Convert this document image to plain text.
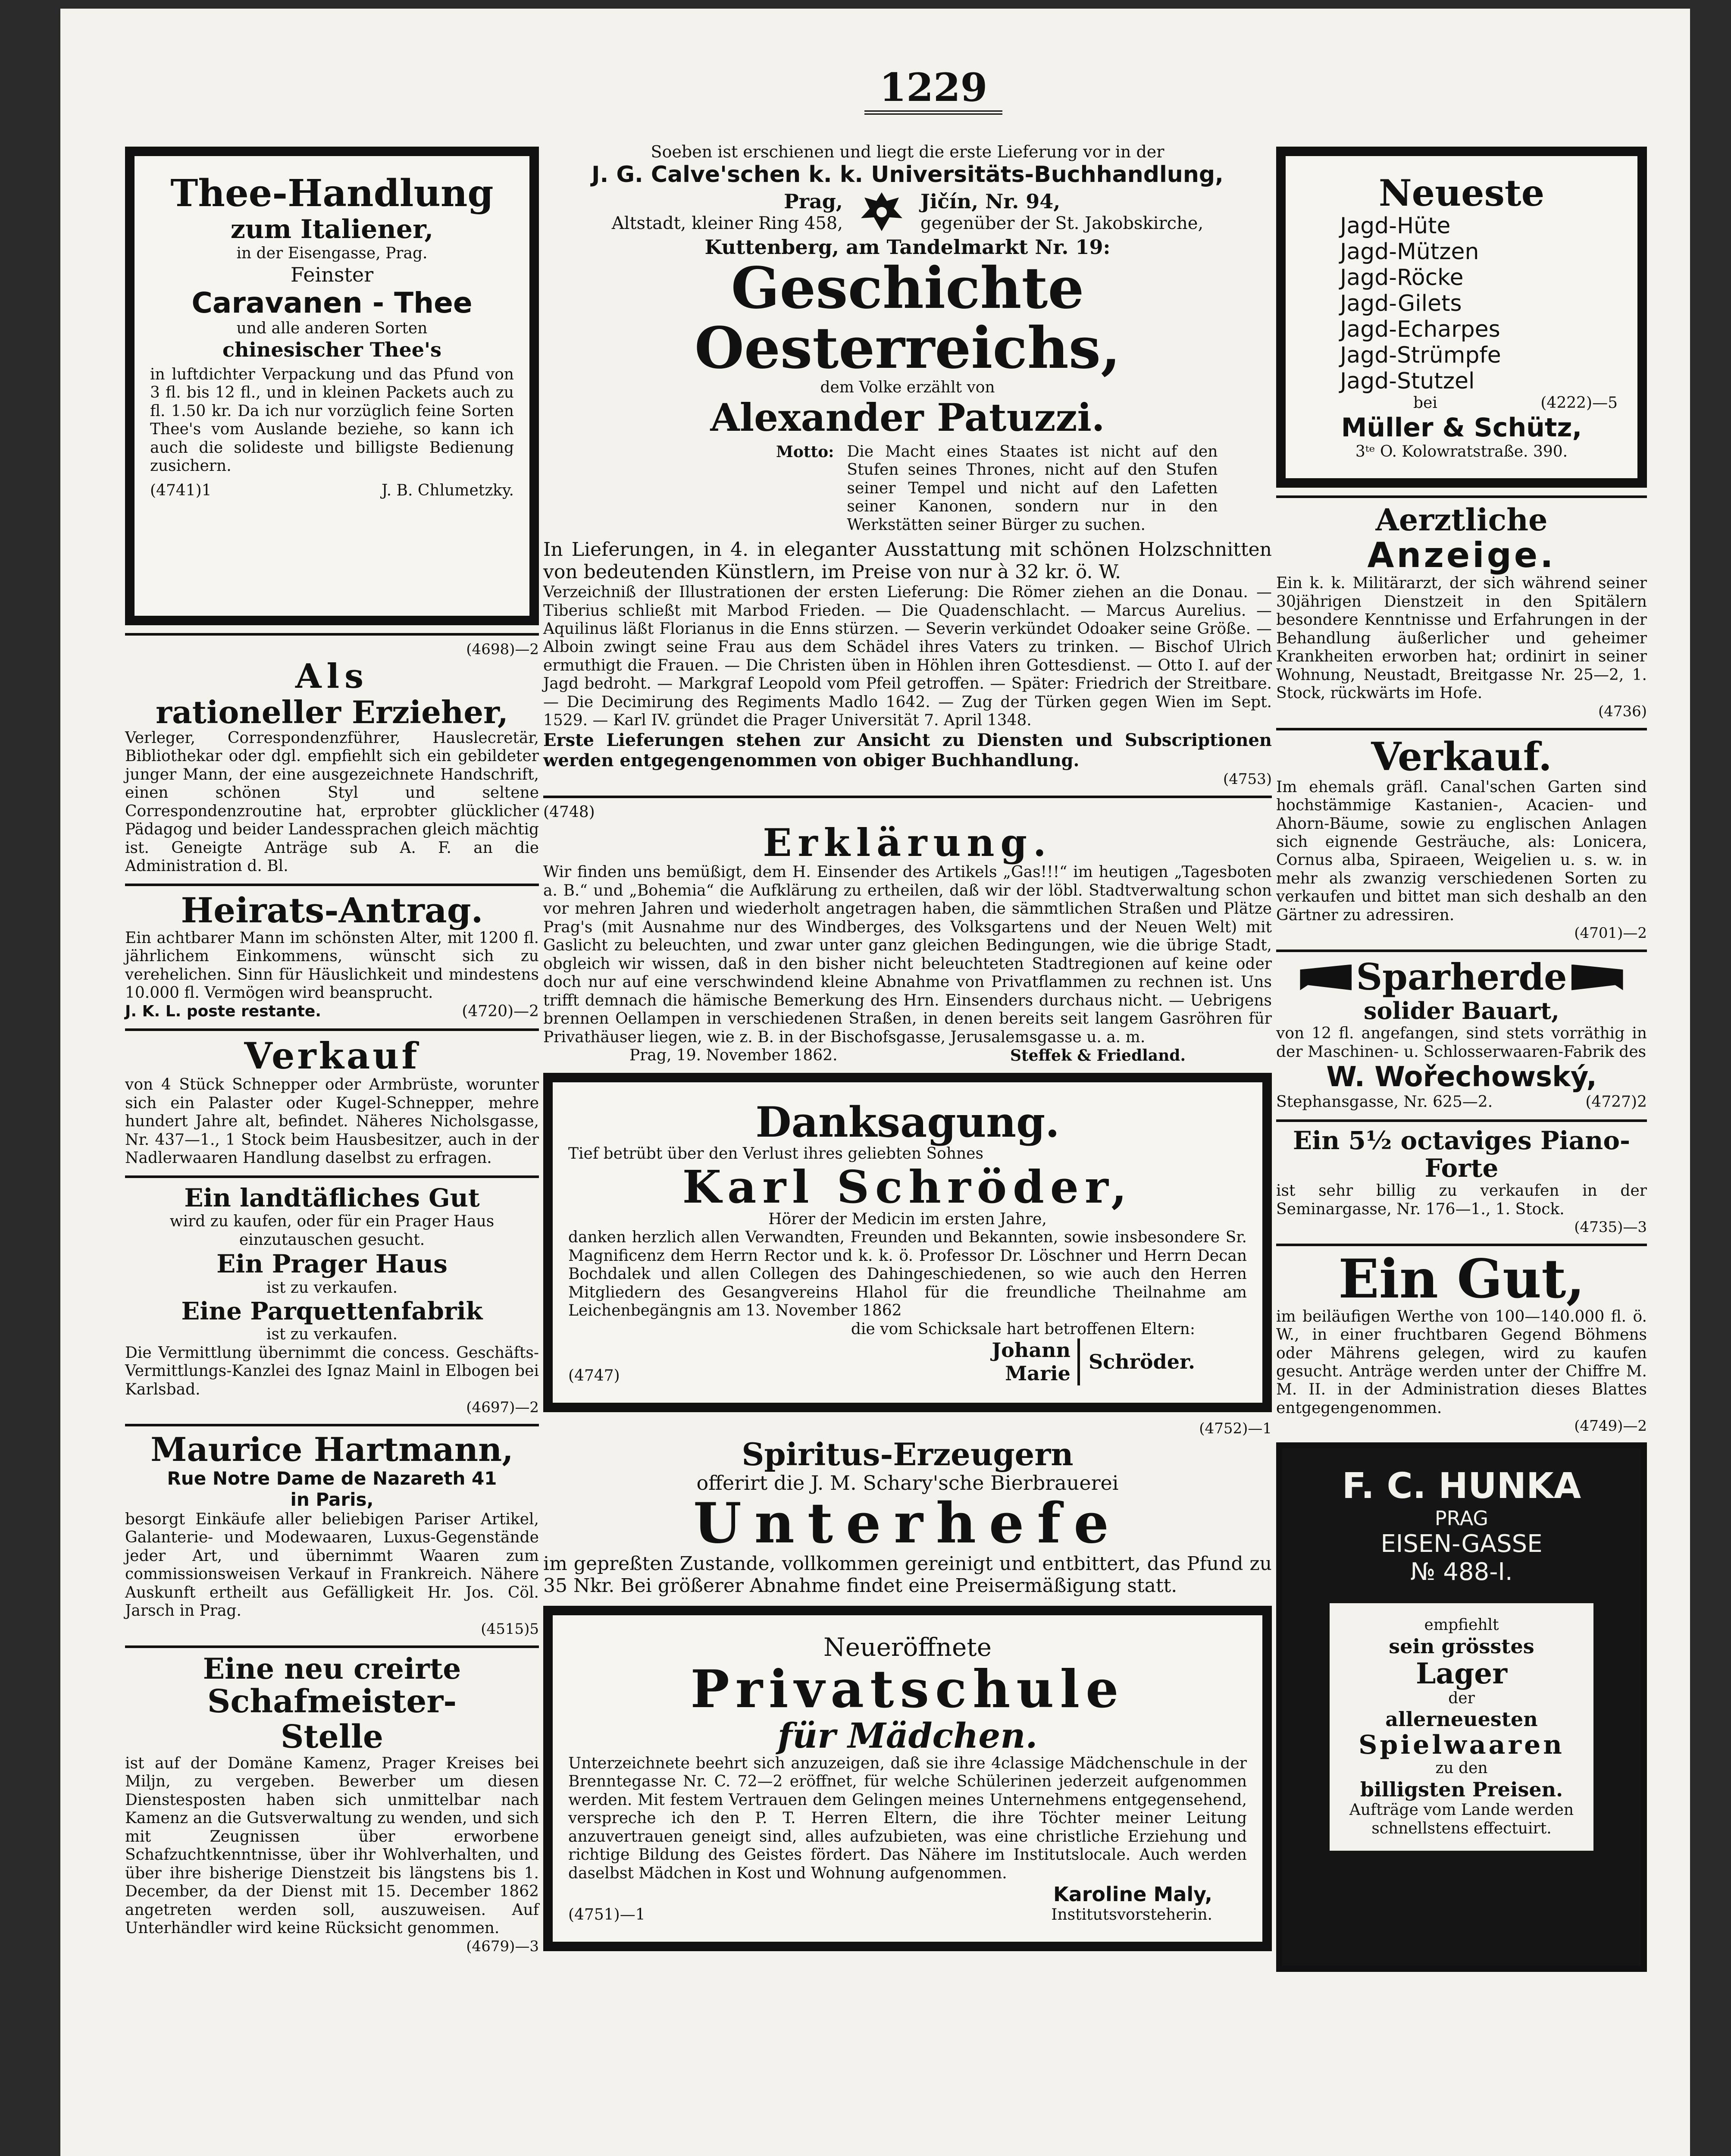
1229
Thee-Handlung
zum Italiener,
in der Eisengasse, Prag.
Feinster
Caravanen - Thee
und alle anderen Sorten
chinesischer Thee's
in luftdichter Verpackung und das Pfund von 3 fl. bis 12 fl., und in kleinen Packets auch zu fl. 1.50 kr. Da ich nur vorzüglich feine Sorten Thee's vom Auslande beziehe, so kann ich auch die solideste und billigste Bedienung zusichern.
(4741)1	J. B. Chlumetzky.
(4698)—2
Als
rationeller Erzieher,
Verleger, Correspondenzführer, Hauslecretär, Bibliothekar oder dgl. empfiehlt sich ein gebildeter junger Mann, der eine ausgezeichnete Handschrift, einen schönen Styl und seltene Correspondenzroutine hat, erprobter glücklicher Pädagog und beider Landessprachen gleich mächtig ist. Geneigte Anträge sub A. F. an die Administration d. Bl.
Heirats-Antrag.
Ein achtbarer Mann im schönsten Alter, mit 1200 fl. jährlichem Einkommens, wünscht sich zu verehelichen. Sinn für Häuslichkeit und mindestens 10.000 fl. Vermögen wird beansprucht.
J. K. L. poste restante.	(4720)—2
Verkauf
von 4 Stück Schnepper oder Armbrüste, worunter sich ein Palaster oder Kugel-Schnepper, mehre hundert Jahre alt, befindet. Näheres Nicholsgasse, Nr. 437—1., 1 Stock beim Hausbesitzer, auch in der Nadlerwaaren Handlung daselbst zu erfragen.
Ein landtäfliches Gut
wird zu kaufen, oder für ein Prager Haus einzutauschen gesucht.
Ein Prager Haus
ist zu verkaufen.
Eine Parquettenfabrik
ist zu verkaufen.
Die Vermittlung übernimmt die concess. Geschäfts-Vermittlungs-Kanzlei des Ignaz Mainl in Elbogen bei Karlsbad.
(4697)—2
Maurice Hartmann,
Rue Notre Dame de Nazareth 41
in Paris,
besorgt Einkäufe aller beliebigen Pariser Artikel, Galanterie- und Modewaaren, Luxus-Gegenstände jeder Art, und übernimmt Waaren zum commissionsweisen Verkauf in Frankreich. Nähere Auskunft ertheilt aus Gefälligkeit Hr. Jos. Cöl. Jarsch in Prag.
(4515)5
Eine neu creirte
Schafmeister-
Stelle
ist auf der Domäne Kamenz, Prager Kreises bei Miljn, zu vergeben. Bewerber um diesen Dienstesposten haben sich unmittelbar nach Kamenz an die Gutsverwaltung zu wenden, und sich mit Zeugnissen über erworbene Schafzuchtkenntnisse, über ihr Wohlverhalten, und über ihre bisherige Dienstzeit bis längstens bis 1. December, da der Dienst mit 15. December 1862 angetreten werden soll, auszuweisen. Auf Unterhändler wird keine Rücksicht genommen.
(4679)—3
Soeben ist erschienen und liegt die erste Lieferung vor in der
J. G. Calve'schen k. k. Universitäts-Buchhandlung,
Prag,
Altstadt, kleiner Ring 458,
Jičín, Nr. 94,
gegenüber der St. Jakobskirche,
Kuttenberg, am Tandelmarkt Nr. 19:
Geschichte Oesterreichs,
dem Volke erzählt von
Alexander Patuzzi.
Motto: Die Macht eines Staates ist nicht auf den Stufen seines Thrones, nicht auf den Stufen seiner Tempel und nicht auf den Lafetten seiner Kanonen, sondern nur in den Werkstätten seiner Bürger zu suchen.
In Lieferungen, in 4. in eleganter Ausstattung mit schönen Holzschnitten von bedeutenden Künstlern, im Preise von nur à 32 kr. ö. W.
Verzeichniß der Illustrationen der ersten Lieferung: Die Römer ziehen an die Donau. — Tiberius schließt mit Marbod Frieden. — Die Quadenschlacht. — Marcus Aurelius. — Aquilinus läßt Florianus in die Enns stürzen. — Severin verkündet Odoaker seine Größe. — Alboin zwingt seine Frau aus dem Schädel ihres Vaters zu trinken. — Bischof Ulrich ermuthigt die Frauen. — Die Christen üben in Höhlen ihren Gottesdienst. — Otto I. auf der Jagd bedroht. — Markgraf Leopold vom Pfeil getroffen. — Später: Friedrich der Streitbare. — Die Decimirung des Regiments Madlo 1642. — Zug der Türken gegen Wien im Sept. 1529. — Karl IV. gründet die Prager Universität 7. April 1348.
Erste Lieferungen stehen zur Ansicht zu Diensten und Subscriptionen werden entgegengenommen von obiger Buchhandlung.
(4753)
(4748)
Erklärung.
Wir finden uns bemüßigt, dem H. Einsender des Artikels „Gas!!!“ im heutigen „Tagesboten a. B.“ und „Bohemia“ die Aufklärung zu ertheilen, daß wir der löbl. Stadtverwaltung schon vor mehren Jahren und wiederholt angetragen haben, die sämmtlichen Straßen und Plätze Prag's (mit Ausnahme nur des Windberges, des Volksgartens und der Neuen Welt) mit Gaslicht zu beleuchten, und zwar unter ganz gleichen Bedingungen, wie die übrige Stadt, obgleich wir wissen, daß in den bisher nicht beleuchteten Stadtregionen auf keine oder doch nur auf eine verschwindend kleine Abnahme von Privatflammen zu rechnen ist. Uns trifft demnach die hämische Bemerkung des Hrn. Einsenders durchaus nicht. — Uebrigens brennen Oellampen in verschiedenen Straßen, in denen bereits seit langem Gasröhren für Privathäuser liegen, wie z. B. in der Bischofsgasse, Jerusalemsgasse u. a. m.
Prag, 19. November 1862.	Steffek & Friedland.
Danksagung.
Tief betrübt über den Verlust ihres geliebten Sohnes
Karl Schröder,
Hörer der Medicin im ersten Jahre,
danken herzlich allen Verwandten, Freunden und Bekannten, sowie insbesondere Sr. Magnificenz dem Herrn Rector und k. k. ö. Professor Dr. Löschner und Herrn Decan Bochdalek und allen Collegen des Dahingeschiedenen, so wie auch den Herren Mitgliedern des Gesangvereins Hlahol für die freundliche Theilnahme am Leichenbegängnis am 13. November 1862
die vom Schicksale hart betroffenen Eltern:
(4747)
Johann
Marie
Schröder.
(4752)—1
Spiritus-Erzeugern
offerirt die J. M. Schary'sche Bierbrauerei
Unterhefe
im gepreßten Zustande, vollkommen gereinigt und entbittert, das Pfund zu 35 Nkr. Bei größerer Abnahme findet eine Preisermäßigung statt.
Neueröffnete
Privatschule
für Mädchen.
Unterzeichnete beehrt sich anzuzeigen, daß sie ihre 4classige Mädchenschule in der Brenntegasse Nr. C. 72—2 eröffnet, für welche Schülerinen jederzeit aufgenommen werden. Mit festem Vertrauen dem Gelingen meines Unternehmens entgegensehend, verspreche ich den P. T. Herren Eltern, die ihre Töchter meiner Leitung anzuvertrauen geneigt sind, alles aufzubieten, was eine christliche Erziehung und richtige Bildung des Geistes fördert. Das Nähere im Institutslocale. Auch werden daselbst Mädchen in Kost und Wohnung aufgenommen.
Karoline Maly,
(4751)—1	Institutsvorsteherin.
Neueste
Jagd-Hüte
Jagd-Mützen
Jagd-Röcke
Jagd-Gilets
Jagd-Echarpes
Jagd-Strümpfe
Jagd-Stutzel
bei	(4222)—5
Müller & Schütz,
3ᵗᵉ O. Kolowratstraße. 390.
Aerztliche
Anzeige.
Ein k. k. Militärarzt, der sich während seiner 30jährigen Dienstzeit in den Spitälern besondere Kenntnisse und Erfahrungen in der Behandlung äußerlicher und geheimer Krankheiten erworben hat; ordinirt in seiner Wohnung, Neustadt, Breitgasse Nr. 25—2, 1. Stock, rückwärts im Hofe.
(4736)
Verkauf.
Im ehemals gräfl. Canal'schen Garten sind hochstämmige Kastanien-, Acacien- und Ahorn-Bäume, sowie zu englischen Anlagen sich eignende Gesträuche, als: Lonicera, Cornus alba, Spiraeen, Weigelien u. s. w. in mehr als zwanzig verschiedenen Sorten zu verkaufen und bittet man sich deshalb an den Gärtner zu adressiren.
(4701)—2
Sparherde
solider Bauart,
von 12 fl. angefangen, sind stets vorräthig in der Maschinen- u. Schlosserwaaren-Fabrik des
W. Wořechowský,
Stephansgasse, Nr. 625—2.	(4727)2
Ein 5½ octaviges Piano-
Forte
ist sehr billig zu verkaufen in der Seminargasse, Nr. 176—1., 1. Stock.
(4735)—3
Ein Gut,
im beiläufigen Werthe von 100—140.000 fl. ö. W., in einer fruchtbaren Gegend Böhmens oder Mährens gelegen, wird zu kaufen gesucht. Anträge werden unter der Chiffre M. M. II. in der Administration dieses Blattes entgegengenommen.
(4749)—2
F. C. HUNKA
PRAG
EISEN-GASSE
№ 488-I.
empfiehlt
sein grösstes
Lager
der
allerneuesten
Spielwaaren
zu den
billigsten Preisen.
Aufträge vom Lande werden schnellstens effectuirt.
